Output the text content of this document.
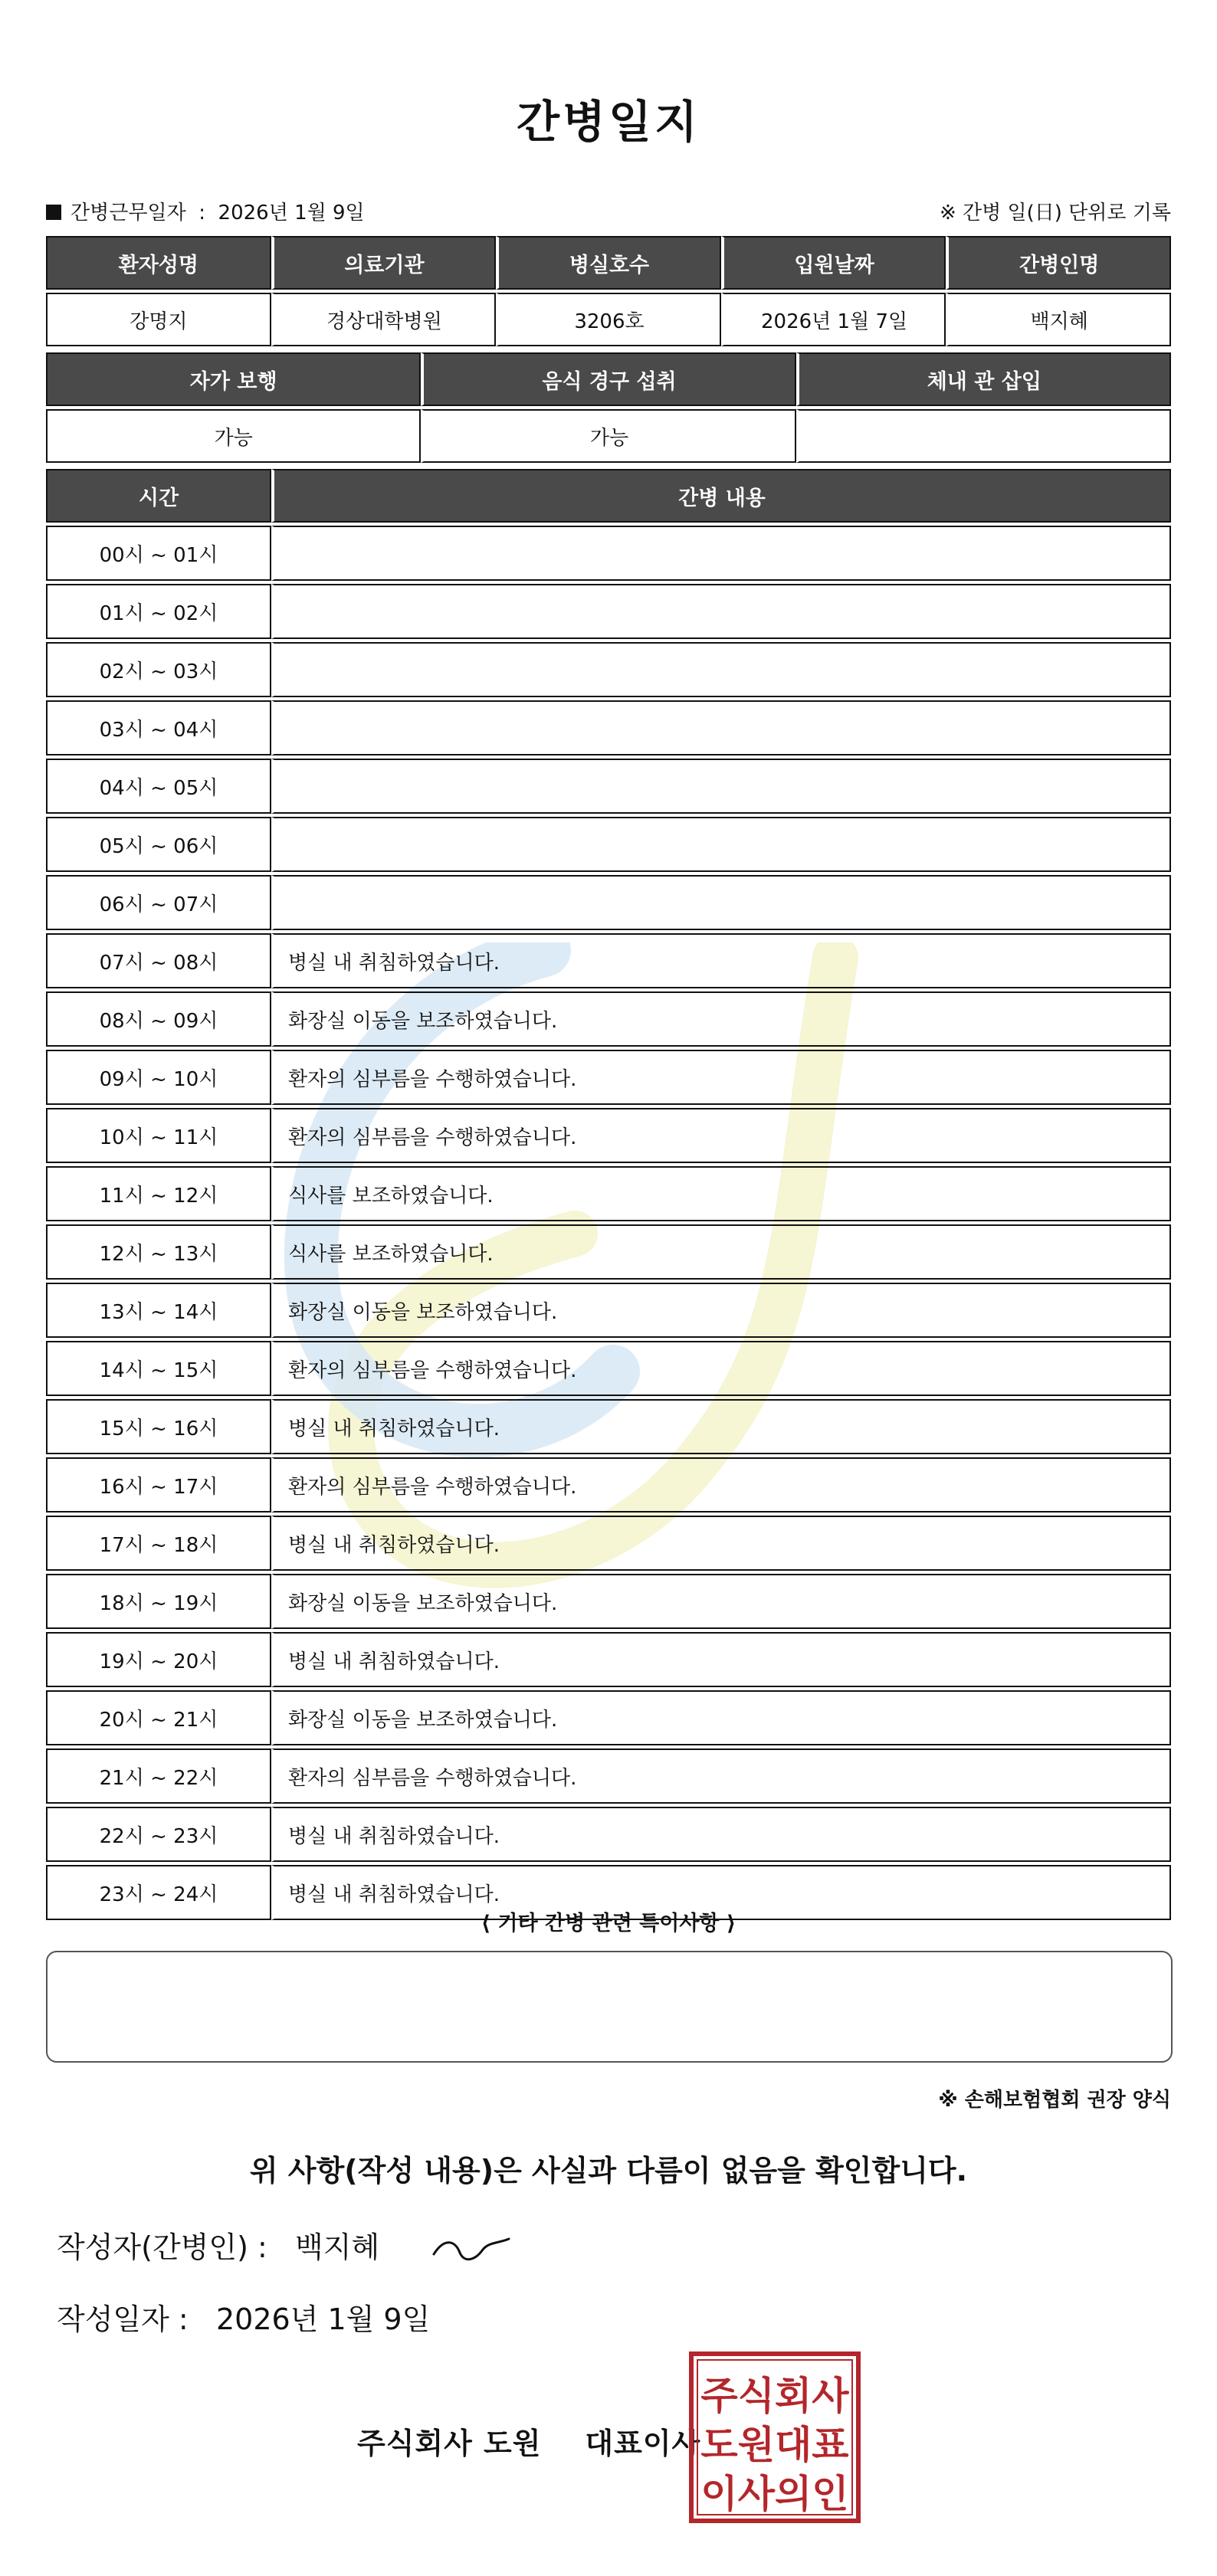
간병일지
간병근무일자  :  2026년 1월 9일	※ 간병 일(日) 단위로 기록
환자성명	의료기관	병실호수	입원날짜	간병인명
강명지	경상대학병원	3206호	2026년 1월 7일	백지혜
자가 보행	음식 경구 섭취	체내 관 삽입
가능	가능	
시간	간병 내용
00시 ~ 01시	
01시 ~ 02시	
02시 ~ 03시	
03시 ~ 04시	
04시 ~ 05시	
05시 ~ 06시	
06시 ~ 07시	
07시 ~ 08시	병실 내 취침하였습니다.
08시 ~ 09시	화장실 이동을 보조하였습니다.
09시 ~ 10시	환자의 심부름을 수행하였습니다.
10시 ~ 11시	환자의 심부름을 수행하였습니다.
11시 ~ 12시	식사를 보조하였습니다.
12시 ~ 13시	식사를 보조하였습니다.
13시 ~ 14시	화장실 이동을 보조하였습니다.
14시 ~ 15시	환자의 심부름을 수행하였습니다.
15시 ~ 16시	병실 내 취침하였습니다.
16시 ~ 17시	환자의 심부름을 수행하였습니다.
17시 ~ 18시	병실 내 취침하였습니다.
18시 ~ 19시	화장실 이동을 보조하였습니다.
19시 ~ 20시	병실 내 취침하였습니다.
20시 ~ 21시	화장실 이동을 보조하였습니다.
21시 ~ 22시	환자의 심부름을 수행하였습니다.
22시 ~ 23시	병실 내 취침하였습니다.
23시 ~ 24시	병실 내 취침하였습니다.
⟨ 기타 간병 관련 특이사항 ⟩
※ 손해보험협회 권장 양식
위 사항(작성 내용)은 사실과 다름이 없음을 확인합니다.
작성자(간병인) : 백지혜
작성일자 : 2026년 1월 9일
주식회사 도원 대표이사
주식회사
도원대표
이사의인
